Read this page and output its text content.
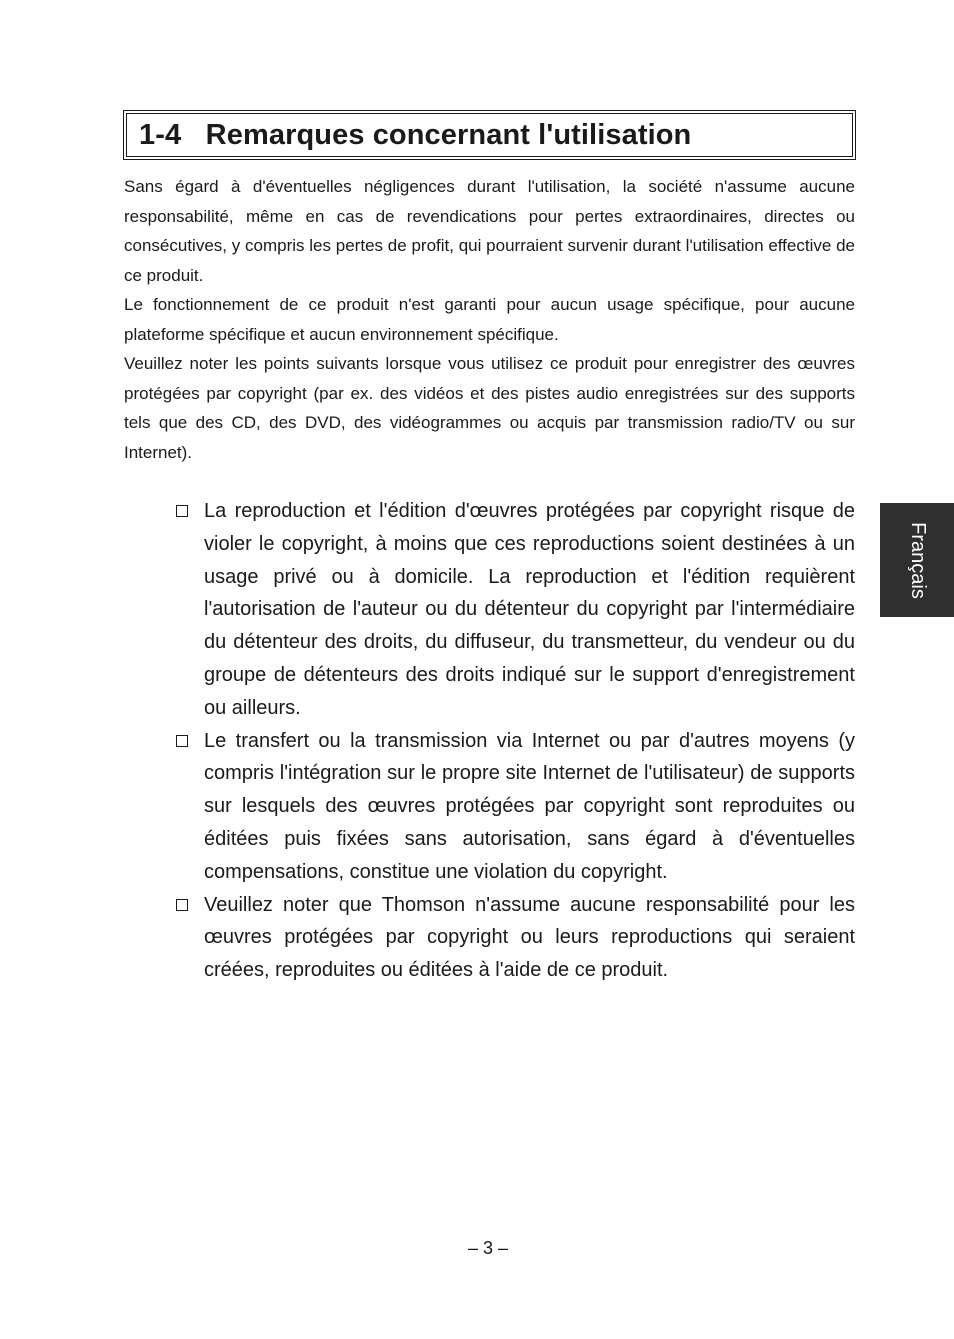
1-4   Remarques concernant l'utilisation

Sans égard à d'éventuelles négligences durant l'utilisation, la société n'assume aucune responsabilité, même en cas de revendications pour pertes extraordinaires, directes ou consécutives, y compris les pertes de profit, qui pourraient survenir durant l'utilisation effective de ce produit.

Le fonctionnement de ce produit n'est garanti pour aucun usage spécifique, pour aucune plateforme spécifique et aucun environnement spécifique.

Veuillez noter les points suivants lorsque vous utilisez ce produit pour enregistrer des œuvres protégées par copyright (par ex. des vidéos et des pistes audio enregistrées sur des supports tels que des CD, des DVD, des vidéogrammes ou acquis par transmission radio/TV ou sur Internet).

La reproduction et l'édition d'œuvres protégées par copyright risque de violer le copyright, à moins que ces reproductions soient destinées à un usage privé ou à domicile. La reproduction et l'édition requièrent l'autorisation de l'auteur ou du détenteur du copyright par l'intermédiaire du détenteur des droits, du diffuseur, du transmetteur, du vendeur ou du groupe de détenteurs des droits indiqué sur le support d'enregistrement ou ailleurs.
Le transfert ou la transmission via Internet ou par d'autres moyens (y compris l'intégration sur le propre site Internet de l'utilisateur) de supports sur lesquels des œuvres protégées par copyright sont reproduites ou éditées puis fixées sans autorisation, sans égard à d'éventuelles compensations, constitue une violation du copyright.
Veuillez noter que Thomson n'assume aucune responsabilité pour les œuvres protégées par copyright ou leurs reproductions qui seraient créées, reproduites ou éditées à l'aide de ce produit.
Français
– 3 –
